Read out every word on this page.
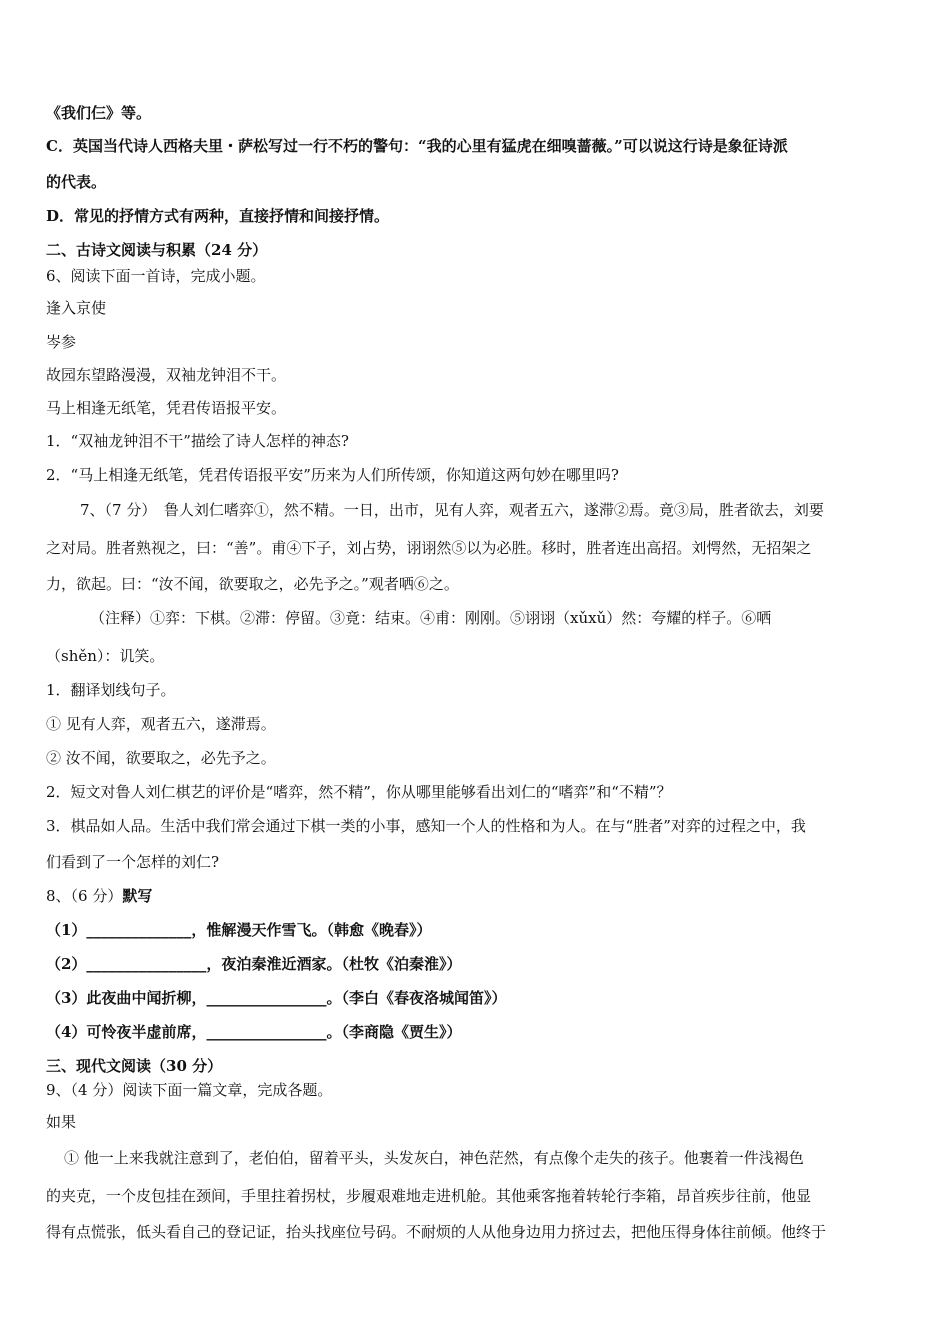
《我们仨》等。
C．英国当代诗人西格夫里・萨松写过一行不朽的警句：“我的心里有猛虎在细嗅蔷薇。”可以说这行诗是象征诗派
的代表。
D．常见的抒情方式有两种，直接抒情和间接抒情。
二、古诗文阅读与积累（24 分）
6、阅读下面一首诗，完成小题。
逢入京使
岑参
故园东望路漫漫，双袖龙钟泪不干。
马上相逢无纸笔，凭君传语报平安。
1．“双袖龙钟泪不干”描绘了诗人怎样的神态?
2．“马上相逢无纸笔，凭君传语报平安”历来为人们所传颂，你知道这两句妙在哪里吗?
7、（7 分）　鲁人刘仁嗜弈①，然不精。一日，出市，见有人弈，观者五六，遂滞②焉。竟③局，胜者欲去，刘要
之对局。胜者熟视之，曰：“善”。甫④下子，刘占势，诩诩然⑤以为必胜。移时，胜者连出高招。刘愕然，无招架之
力，欲起。曰：“汝不闻，欲要取之，必先予之。”观者哂⑥之。
（注释）①弈：下棋。②滞：停留。③竟：结束。④甫：刚刚。⑤诩诩（xǔxǔ）然：夸耀的样子。⑥哂
（shěn）：讥笑。
1．翻译划线句子。
① 见有人弈，观者五六，遂滞焉。
② 汝不闻，欲要取之，必先予之。
2．短文对鲁人刘仁棋艺的评价是“嗜弈，然不精”，你从哪里能够看出刘仁的“嗜弈”和“不精”？
3．棋品如人品。生活中我们常会通过下棋一类的小事，感知一个人的性格和为人。在与“胜者”对弈的过程之中，我
们看到了一个怎样的刘仁?
8、（6 分）默写
（1）______________，惟解漫天作雪飞。（韩愈《晚春》）
（2）________________，夜泊秦淮近酒家。（杜牧《泊秦淮》）
（3）此夜曲中闻折柳，________________。（李白《春夜洛城闻笛》）
（4）可怜夜半虚前席，________________。（李商隐《贾生》）
三、现代文阅读（30 分）
9、（4 分）阅读下面一篇文章，完成各题。
如果
① 他一上来我就注意到了，老伯伯，留着平头，头发灰白，神色茫然，有点像个走失的孩子。他裹着一件浅褐色
的夹克，一个皮包挂在颈间，手里拄着拐杖，步履艰难地走进机舱。其他乘客拖着转轮行李箱，昂首疾步往前，他显
得有点慌张，低头看自己的登记证，抬头找座位号码。不耐烦的人从他身边用力挤过去，把他压得身体往前倾。他终于
